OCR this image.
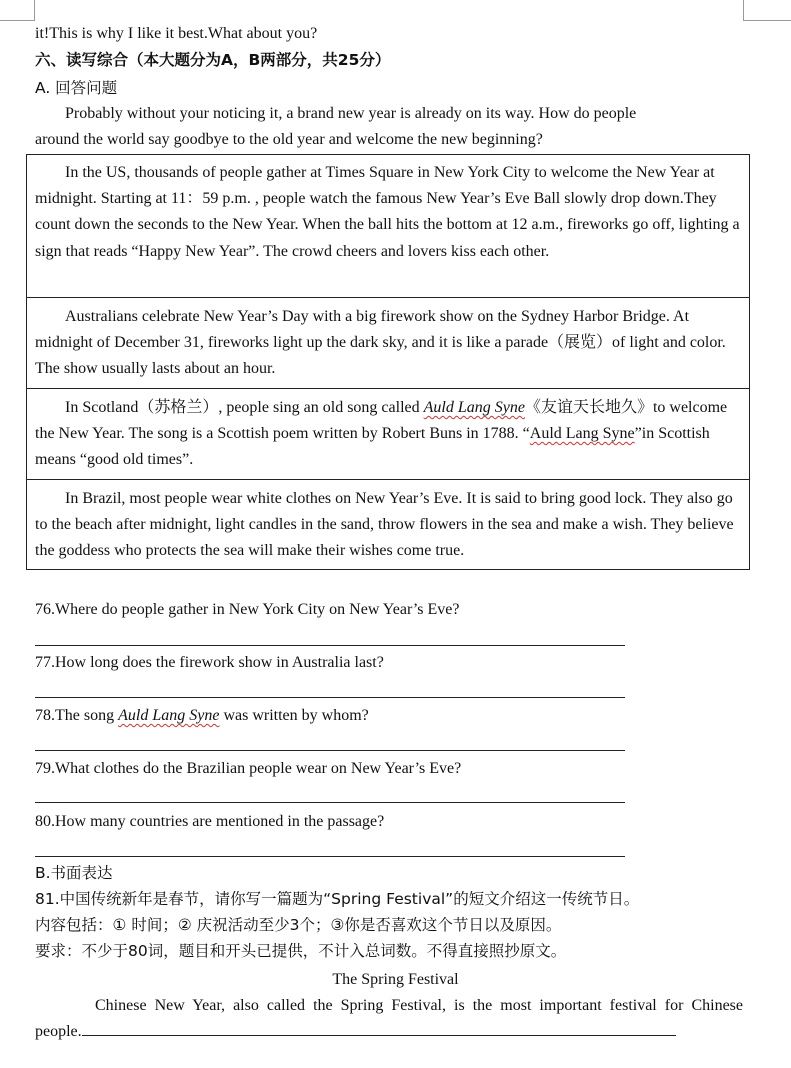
it!This is why I like it best.What about you?
六、读写综合（本大题分为A，B两部分，共25分）
A. 回答问题
Probably without your noticing it, a brand new year is already on its way. How do people
around the world say goodbye to the old year and welcome the new beginning?
In the US, thousands of people gather at Times Square in New York City to welcome the New Year at midnight. Starting at 11：59 p.m. , people watch the famous New Year’s Eve Ball slowly drop down.They count down the seconds to the New Year. When the ball hits the bottom at 12 a.m., fireworks go off, lighting a sign that reads “Happy New Year”. The crowd cheers and lovers kiss each other.
Australians celebrate New Year’s Day with a big firework show on the Sydney Harbor Bridge. At midnight of December 31, fireworks light up the dark sky, and it is like a parade（展览）of light and color. The show usually lasts about an hour.
In Scotland（苏格兰）, people sing an old song called Auld Lang Syne《友谊天长地久》to welcome the New Year. The song is a Scottish poem written by Robert Buns in 1788. “Auld Lang Syne”in Scottish means “good old times”.
In Brazil, most people wear white clothes on New Year’s Eve. It is said to bring good lock. They also go to the beach after midnight, light candles in the sand, throw flowers in the sea and make a wish. They believe the goddess who protects the sea will make their wishes come true.
76.Where do people gather in New York City on New Year’s Eve?
77.How long does the firework show in Australia last?
78.The song Auld Lang Syne was written by whom?
79.What clothes do the Brazilian people wear on New Year’s Eve?
80.How many countries are mentioned in the passage?
B.书面表达
81.中国传统新年是春节，请你写一篇题为“Spring Festival”的短文介绍这一传统节日。
内容包括：① 时间；② 庆祝活动至少3个；③你是否喜欢这个节日以及原因。
要求：不少于80词，题目和开头已提供，不计入总词数。不得直接照抄原文。
The Spring Festival
Chinese New Year, also called the Spring Festival, is the most important festival for Chinese people.
